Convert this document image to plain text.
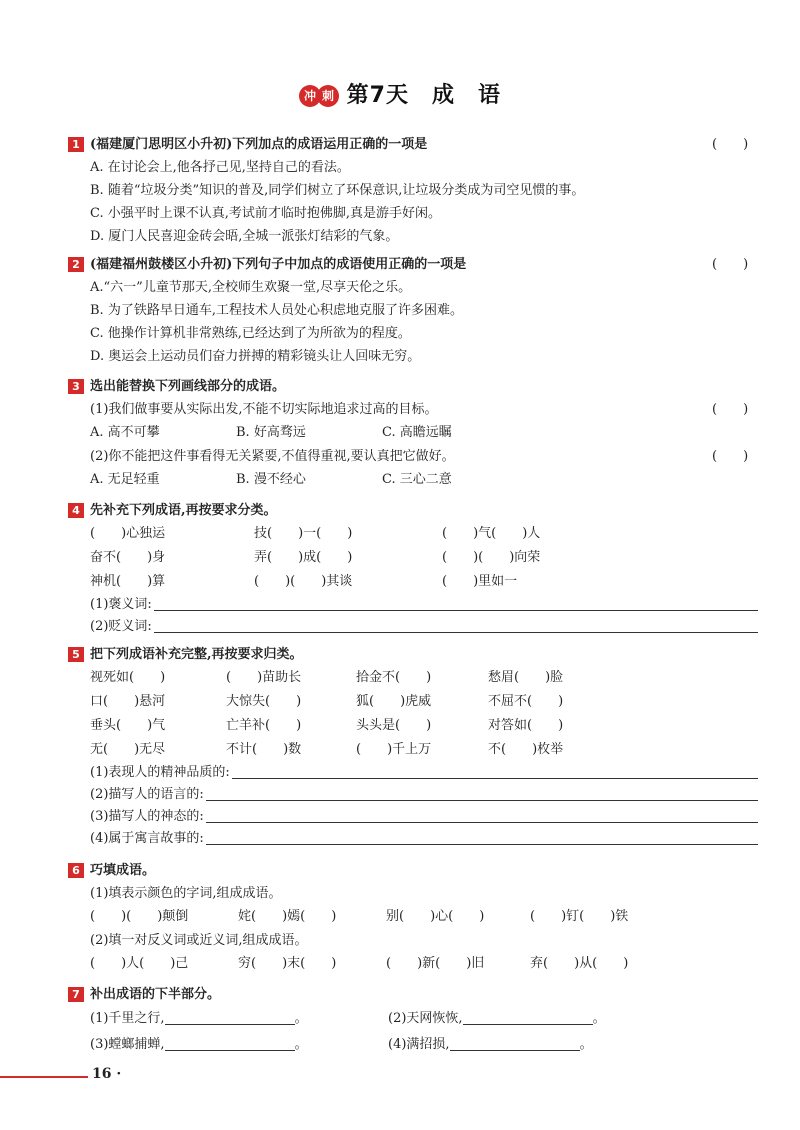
冲 刺 第7天　成　语
1 (福建厦门思明区小升初)下列加点的成语运用正确的一项是	(　　)
A. 在讨论会上,他各抒己见,坚持自己的看法。
B. 随着“垃圾分类”知识的普及,同学们树立了环保意识,让垃圾分类成为司空见惯的事。
C. 小强平时上课不认真,考试前才临时抱佛脚,真是游手好闲。
D. 厦门人民喜迎金砖会晤,全城一派张灯结彩的气象。
2 (福建福州鼓楼区小升初)下列句子中加点的成语使用正确的一项是	(　　)
A.“六一”儿童节那天,全校师生欢聚一堂,尽享天伦之乐。
B. 为了铁路早日通车,工程技术人员处心积虑地克服了许多困难。
C. 他操作计算机非常熟练,已经达到了为所欲为的程度。
D. 奥运会上运动员们奋力拼搏的精彩镜头让人回味无穷。
3 选出能替换下列画线部分的成语。
(1)我们做事要从实际出发,不能不切实际地追求过高的目标。	(　　)
A. 高不可攀	B. 好高骛远	C. 高瞻远瞩
(2)你不能把这件事看得无关紧要,不值得重视,要认真把它做好。	(　　)
A. 无足轻重	B. 漫不经心	C. 三心二意
4 先补充下列成语,再按要求分类。
(　　)心独运	技(　　)一(　　)	(　　)气(　　)人
奋不(　　)身	弄(　　)成(　　)	(　　)(　　)向荣
神机(　　)算	(　　)(　　)其谈	(　　)里如一
(1)褒义词:
(2)贬义词:
5 把下列成语补充完整,再按要求归类。
视死如(　　)	(　　)苗助长	拾金不(　　)	愁眉(　　)脸
口(　　)悬河	大惊失(　　)	狐(　　)虎威	不屈不(　　)
垂头(　　)气	亡羊补(　　)	头头是(　　)	对答如(　　)
无(　　)无尽	不计(　　)数	(　　)千上万	不(　　)枚举
(1)表现人的精神品质的:
(2)描写人的语言的:
(3)描写人的神态的:
(4)属于寓言故事的:
6 巧填成语。
(1)填表示颜色的字词,组成成语。
(　　)(　　)颠倒	姹(　　)嫣(　　)	别(　　)心(　　)	(　　)钉(　　)铁
(2)填一对反义词或近义词,组成成语。
(　　)人(　　)己	穷(　　)末(　　)	(　　)新(　　)旧	弃(　　)从(　　)
7 补出成语的下半部分。
(1)千里之行,	。	(2)天网恢恢,	。
(3)螳螂捕蝉,	。	(4)满招损,	。
16 ·
